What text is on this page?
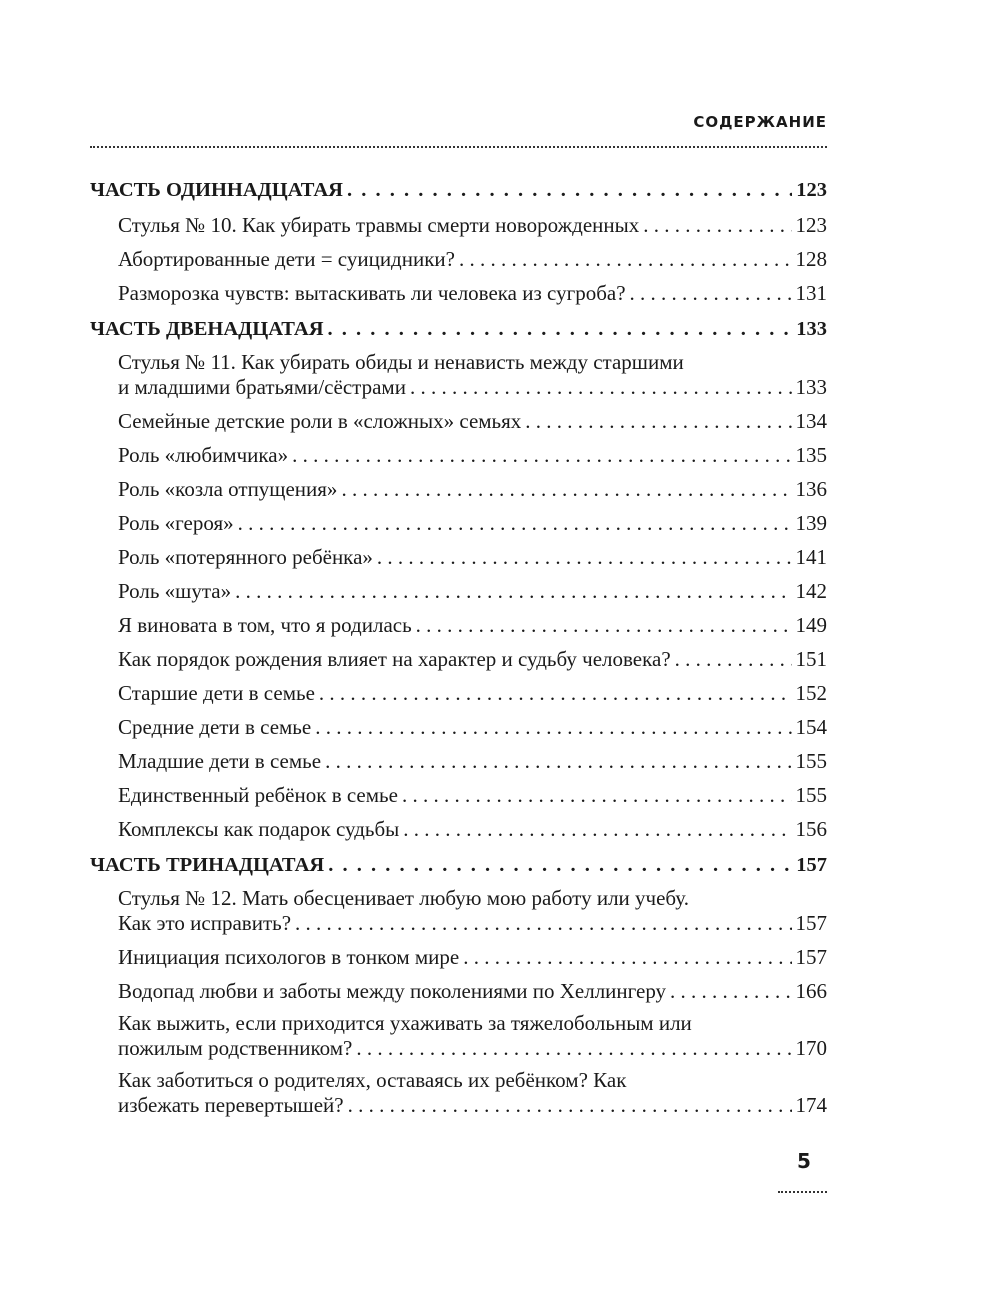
СОДЕРЖАНИЕ
ЧАСТЬ ОДИННАДЦАТАЯ . . .	123
Стулья № 10. Как убирать травмы смерти новорожденных . . .	123
Абортированные дети = суицидники? . . .	128
Разморозка чувств: вытаскивать ли человека из сугроба? . . .	131
ЧАСТЬ ДВЕНАДЦАТАЯ . . .	133
Стулья № 11. Как убирать обиды и ненависть между старшими
и младшими братьями/сёстрами . . .	133
Семейные детские роли в «сложных» семьях . . .	134
Роль «любимчика» . . .	135
Роль «козла отпущения» . . .	136
Роль «героя» . . .	139
Роль «потерянного ребёнка» . . .	141
Роль «шута» . . .	142
Я виновата в том, что я родилась . . .	149
Как порядок рождения влияет на характер и судьбу человека? . . .	151
Старшие дети в семье . . .	152
Средние дети в семье . . .	154
Младшие дети в семье . . .	155
Единственный ребёнок в семье . . .	155
Комплексы как подарок судьбы . . .	156
ЧАСТЬ ТРИНАДЦАТАЯ . . .	157
Стулья № 12. Мать обесценивает любую мою работу или учебу.
Как это исправить? . . .	157
Инициация психологов в тонком мире . . .	157
Водопад любви и заботы между поколениями по Хеллингеру . . .	166
Как выжить, если приходится ухаживать за тяжелобольным или
пожилым родственником? . . .	170
Как заботиться о родителях, оставаясь их ребёнком? Как
избежать перевертышей? . . .	174
5
